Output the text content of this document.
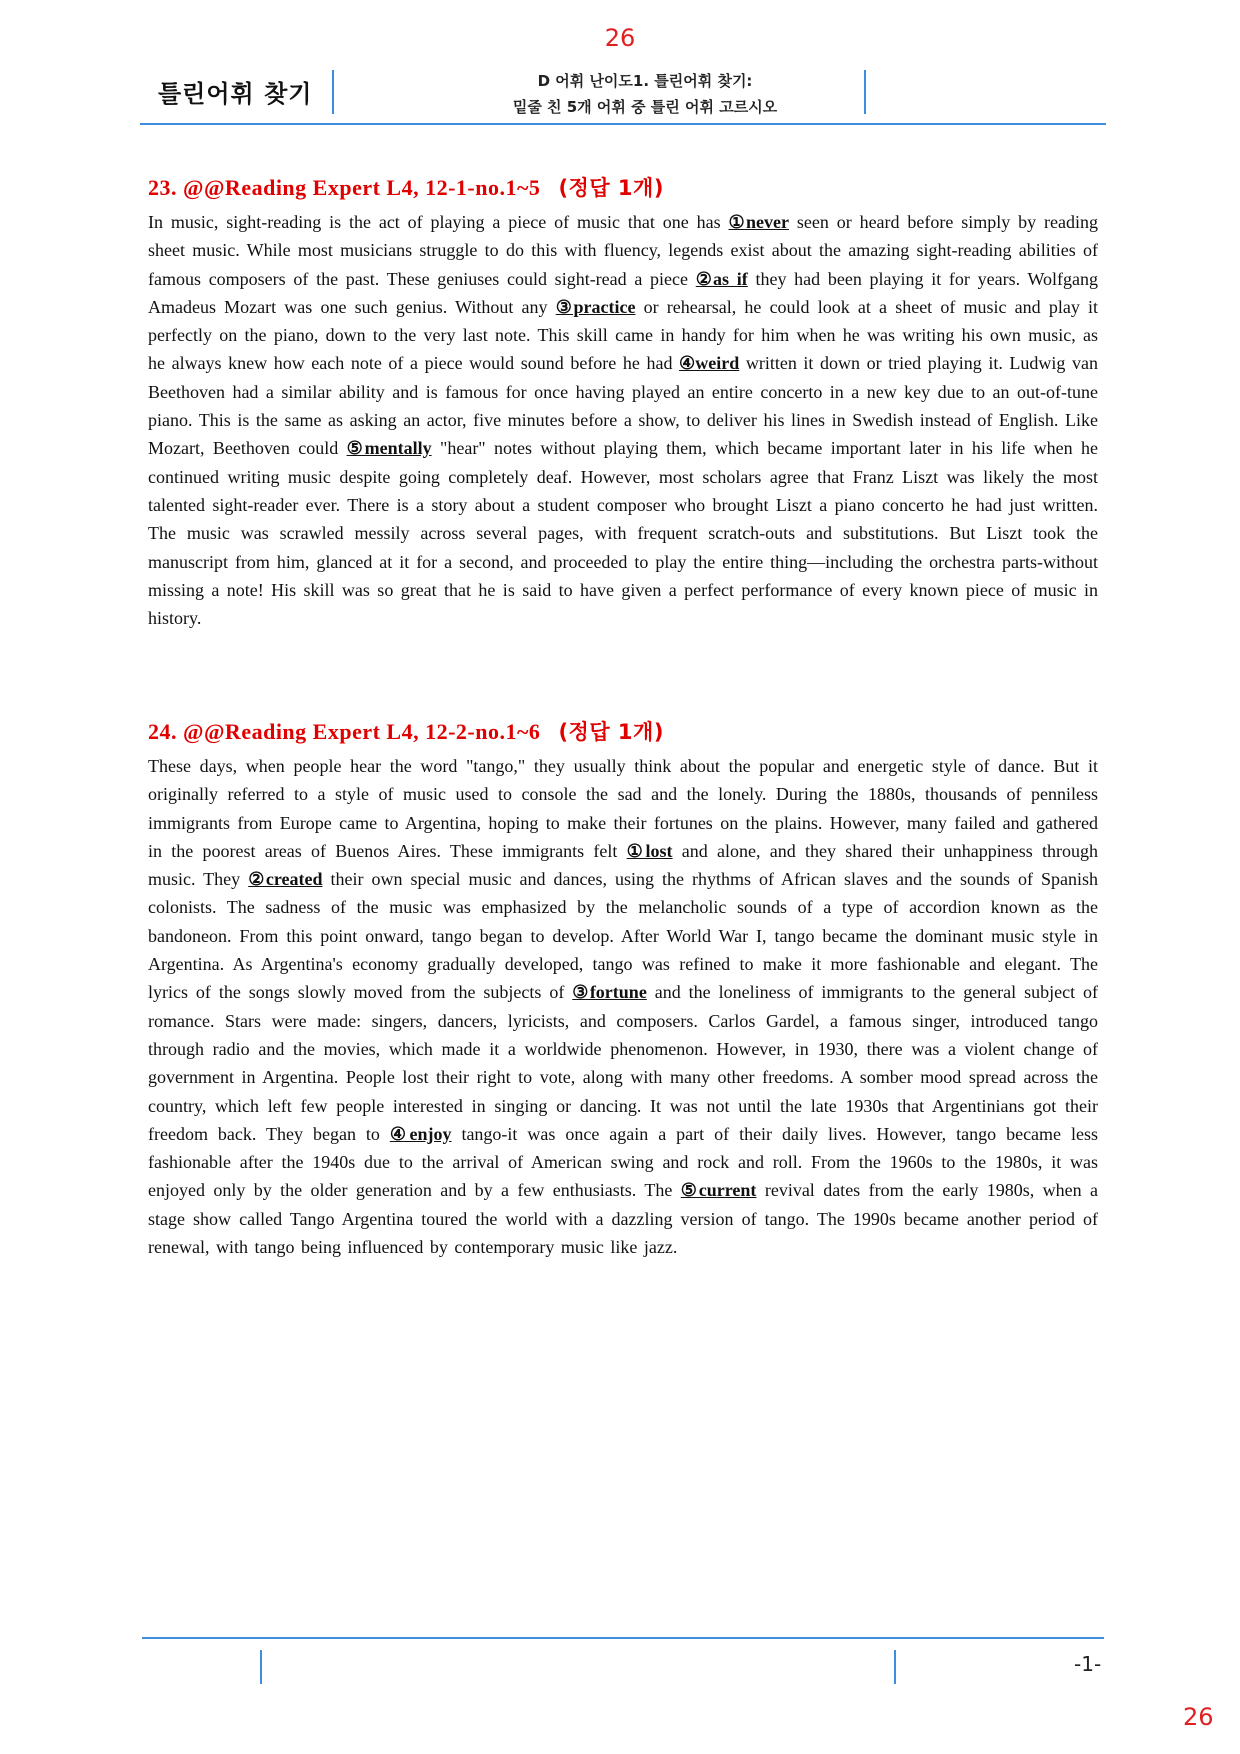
26
틀린어휘 찾기	D 어휘 난이도1. 틀린어휘 찾기:
밑줄 친 5개 어휘 중 틀린 어휘 고르시오
23. @@Reading Expert L4, 12-1-no.1~5 (정답 1개)

In music, sight-reading is the act of playing a piece of music that one has ①never seen or heard before simply by reading sheet music. While most musicians struggle to do this with fluency, legends exist about the amazing sight-reading abilities of famous composers of the past. These geniuses could sight-read a piece ②as if they had been playing it for years. Wolfgang Amadeus Mozart was one such genius. Without any ③practice or rehearsal, he could look at a sheet of music and play it perfectly on the piano, down to the very last note. This skill came in handy for him when he was writing his own music, as he always knew how each note of a piece would sound before he had ④weird written it down or tried playing it. Ludwig van Beethoven had a similar ability and is famous for once having played an entire concerto in a new key due to an out-of-tune piano. This is the same as asking an actor, five minutes before a show, to deliver his lines in Swedish instead of English. Like Mozart, Beethoven could ⑤mentally "hear" notes without playing them, which became important later in his life when he continued writing music despite going completely deaf. However, most scholars agree that Franz Liszt was likely the most talented sight-reader ever. There is a story about a student composer who brought Liszt a piano concerto he had just written. The music was scrawled messily across several pages, with frequent scratch-outs and substitutions. But Liszt took the manuscript from him, glanced at it for a second, and proceeded to play the entire thing—including the orchestra parts-without missing a note! His skill was so great that he is said to have given a perfect performance of every known piece of music in history.

24. @@Reading Expert L4, 12-2-no.1~6 (정답 1개)

These days, when people hear the word "tango," they usually think about the popular and energetic style of dance. But it originally referred to a style of music used to console the sad and the lonely. During the 1880s, thousands of penniless immigrants from Europe came to Argentina, hoping to make their fortunes on the plains. However, many failed and gathered in the poorest areas of Buenos Aires. These immigrants felt ①lost and alone, and they shared their unhappiness through music. They ②created their own special music and dances, using the rhythms of African slaves and the sounds of Spanish colonists. The sadness of the music was emphasized by the melancholic sounds of a type of accordion known as the bandoneon. From this point onward, tango began to develop. After World War I, tango became the dominant music style in Argentina. As Argentina's economy gradually developed, tango was refined to make it more fashionable and elegant. The lyrics of the songs slowly moved from the subjects of ③fortune and the loneliness of immigrants to the general subject of romance. Stars were made: singers, dancers, lyricists, and composers. Carlos Gardel, a famous singer, introduced tango through radio and the movies, which made it a worldwide phenomenon. However, in 1930, there was a violent change of government in Argentina. People lost their right to vote, along with many other freedoms. A somber mood spread across the country, which left few people interested in singing or dancing. It was not until the late 1930s that Argentinians got their freedom back. They began to ④enjoy tango-it was once again a part of their daily lives. However, tango became less fashionable after the 1940s due to the arrival of American swing and rock and roll. From the 1960s to the 1980s, it was enjoyed only by the older generation and by a few enthusiasts. The ⑤current revival dates from the early 1980s, when a stage show called Tango Argentina toured the world with a dazzling version of tango. The 1990s became another period of renewal, with tango being influenced by contemporary music like jazz.

-1-
26
